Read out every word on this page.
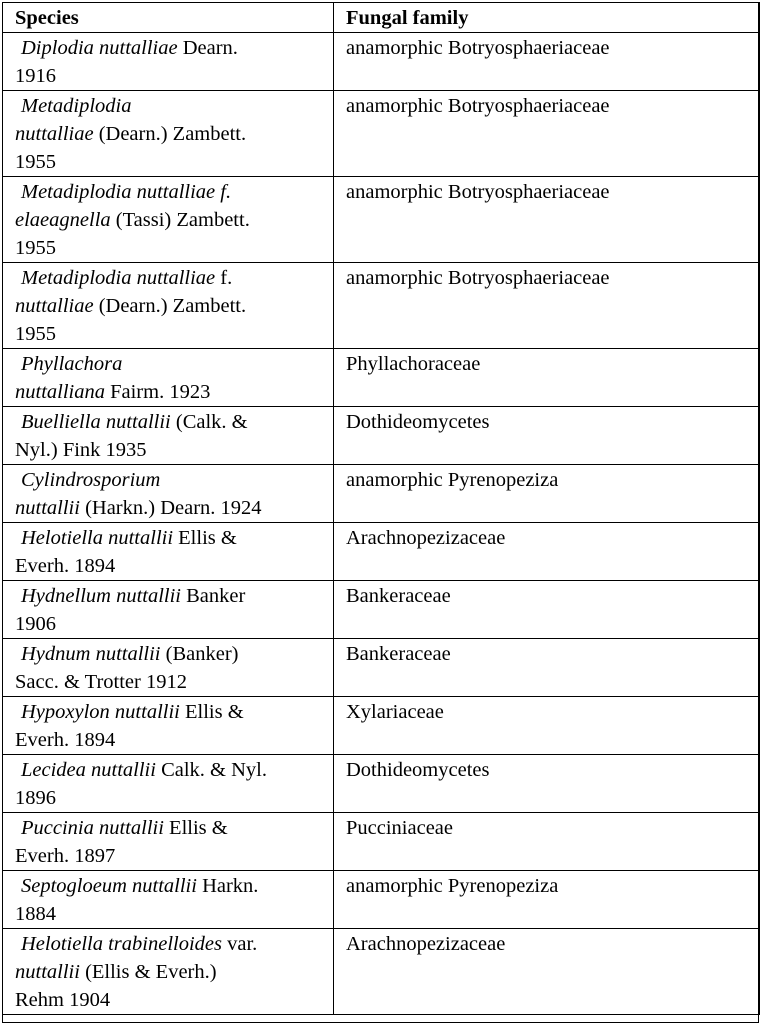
Species	Fungal family
Diplodia nuttalliae Dearn.
1916	anamorphic Botryosphaeriaceae
Metadiplodia
nuttalliae (Dearn.) Zambett.
1955	anamorphic Botryosphaeriaceae
Metadiplodia nuttalliae f.
elaeagnella (Tassi) Zambett.
1955	anamorphic Botryosphaeriaceae
Metadiplodia nuttalliae f.
nuttalliae (Dearn.) Zambett.
1955	anamorphic Botryosphaeriaceae
Phyllachora
nuttalliana Fairm. 1923	Phyllachoraceae
Buelliella nuttallii (Calk. &
Nyl.) Fink 1935	Dothideomycetes
Cylindrosporium
nuttallii (Harkn.) Dearn. 1924	anamorphic Pyrenopeziza
Helotiella nuttallii Ellis &
Everh. 1894	Arachnopezizaceae
Hydnellum nuttallii Banker
1906	Bankeraceae
Hydnum nuttallii (Banker)
Sacc. & Trotter 1912	Bankeraceae
Hypoxylon nuttallii Ellis &
Everh. 1894	Xylariaceae
Lecidea nuttallii Calk. & Nyl.
1896	Dothideomycetes
Puccinia nuttallii Ellis &
Everh. 1897	Pucciniaceae
Septogloeum nuttallii Harkn.
1884	anamorphic Pyrenopeziza
Helotiella trabinelloides var.
nuttallii (Ellis & Everh.)
Rehm 1904	Arachnopezizaceae
